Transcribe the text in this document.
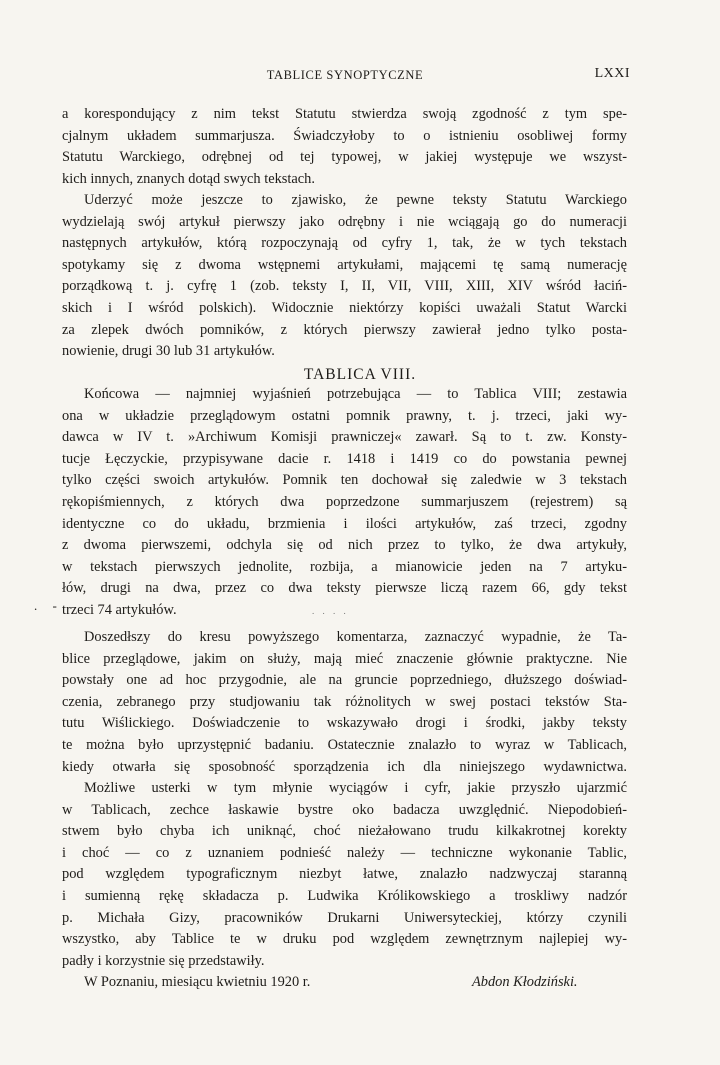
TABLICE SYNOPTYCZNE	LXXI

a korespondujący z nim tekst Statutu stwierdza swoją zgodność z tym spe-
cjalnym układem summarjusza. Świadczyłoby to o istnieniu osobliwej formy
Statutu Warckiego, odrębnej od tej typowej, w jakiej występuje we wszyst-
kich innych, znanych dotąd swych tekstach.

Uderzyć może jeszcze to zjawisko, że pewne teksty Statutu Warckiego
wydzielają swój artykuł pierwszy jako odrębny i nie wciągają go do numeracji
następnych artykułów, którą rozpoczynają od cyfry 1, tak, że w tych tekstach
spotykamy się z dwoma wstępnemi artykułami, mającemi tę samą numerację
porządkową t. j. cyfrę 1 (zob. teksty I, II, VII, VIII, XIII, XIV wśród łaciń-
skich i I wśród polskich). Widocznie niektórzy kopiści uważali Statut Warcki
za zlepek dwóch pomników, z których pierwszy zawierał jedno tylko posta-
nowienie, drugi 30 lub 31 artykułów.

TABLICA VIII.

Końcowa — najmniej wyjaśnień potrzebująca — to Tablica VIII; zestawia
ona w układzie przeglądowym ostatni pomnik prawny, t. j. trzeci, jaki wy-
dawca w IV t. »Archiwum Komisji prawniczej« zawarł. Są to t. zw. Konsty-
tucje Łęczyckie, przypisywane dacie r. 1418 i 1419 co do powstania pewnej
tylko części swoich artykułów. Pomnik ten dochował się zaledwie w 3 tekstach
rękopiśmiennych, z których dwa poprzedzone summarjuszem (rejestrem) są
identyczne co do układu, brzmienia i ilości artykułów, zaś trzeci, zgodny
z dwoma pierwszemi, odchyla się od nich przez to tylko, że dwa artykuły,
w tekstach pierwszych jednolite, rozbija, a mianowicie jeden na 7 artyku-
łów, drugi na dwa, przez co dwa teksty pierwsze liczą razem 66, gdy tekst
trzeci 74 artykułów.

. -	. . . .

Doszedłszy do kresu powyższego komentarza, zaznaczyć wypadnie, że Ta-
blice przeglądowe, jakim on służy, mają mieć znaczenie głównie praktyczne. Nie
powstały one ad hoc przygodnie, ale na gruncie poprzedniego, dłuższego doświad-
czenia, zebranego przy studjowaniu tak różnolitych w swej postaci tekstów Sta-
tutu Wiślickiego. Doświadczenie to wskazywało drogi i środki, jakby teksty
te można było uprzystępnić badaniu. Ostatecznie znalazło to wyraz w Tablicach,
kiedy otwarła się sposobność sporządzenia ich dla niniejszego wydawnictwa.

Możliwe usterki w tym młynie wyciągów i cyfr, jakie przyszło ujarzmić
w Tablicach, zechce łaskawie bystre oko badacza uwzględnić. Niepodobień-
stwem było chyba ich uniknąć, choć nieżałowano trudu kilkakrotnej korekty
i choć — co z uznaniem podnieść należy — techniczne wykonanie Tablic,
pod względem typograficznym niezbyt łatwe, znalazło nadzwyczaj staranną
i sumienną rękę składacza p. Ludwika Królikowskiego a troskliwy nadzór
p. Michała Gizy, pracowników Drukarni Uniwersyteckiej, którzy czynili
wszystko, aby Tablice te w druku pod względem zewnętrznym najlepiej wy-
padły i korzystnie się przedstawiły.

W Poznaniu, miesiącu kwietniu 1920 r.	Abdon Kłodziński.
